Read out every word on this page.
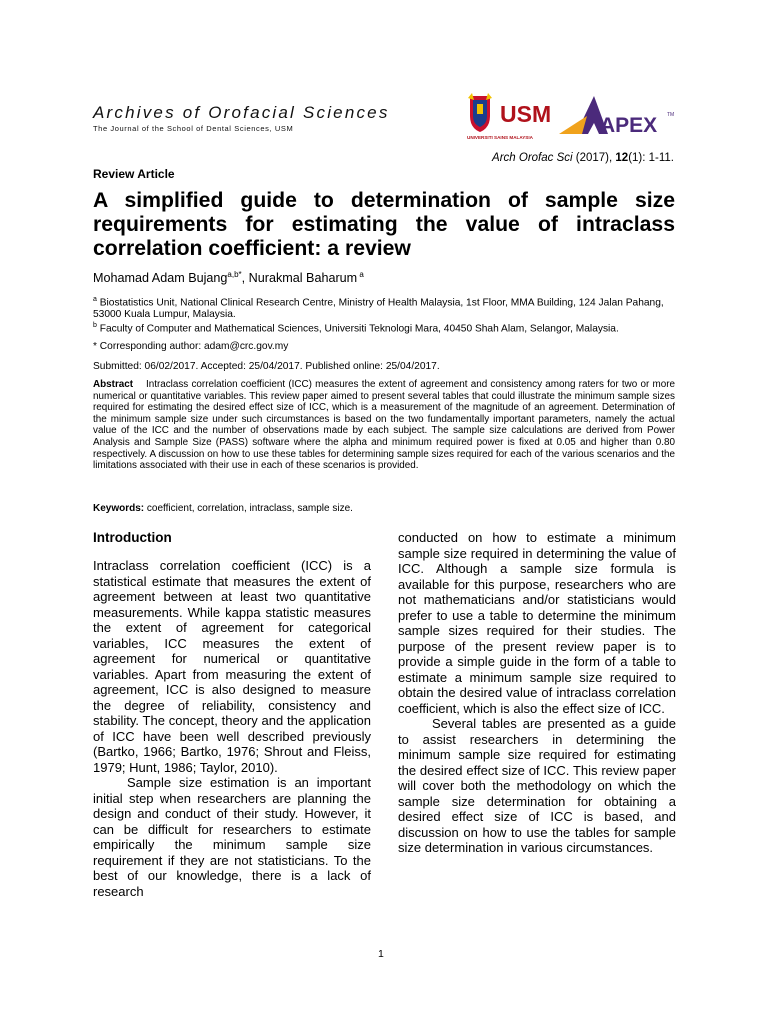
Archives of Orofacial Sciences
The Journal of the School of Dental Sciences, USM
USM
UNIVERSITI SAINS MALAYSIA
APEX TM
Arch Orofac Sci (2017), 12(1): 1-11.
Review Article
A simplified guide to determination of sample size requirements for estimating the value of intraclass correlation coefficient: a review
Mohamad Adam Bujang$^{a,b*}$, Nurakmal Baharum $^a$

$^a$ Biostatistics Unit, National Clinical Research Centre, Ministry of Health Malaysia, 1st Floor, MMA Building, 124 Jalan Pahang, 53000 Kuala Lumpur, Malaysia.

$^b$ Faculty of Computer and Mathematical Sciences, Universiti Teknologi Mara, 40450 Shah Alam, Selangor, Malaysia.

* Corresponding author: adam@crc.gov.my
Submitted: 06/02/2017. Accepted: 25/04/2017. Published online: 25/04/2017.
Abstract Intraclass correlation coefficient (ICC) measures the extent of agreement and consistency among raters for two or more numerical or quantitative variables. This review paper aimed to present several tables that could illustrate the minimum sample sizes required for estimating the desired effect size of ICC, which is a measurement of the magnitude of an agreement. Determination of the minimum sample size under such circumstances is based on the two fundamentally important parameters, namely the actual value of the ICC and the number of observations made by each subject. The sample size calculations are derived from Power Analysis and Sample Size (PASS) software where the alpha and minimum required power is fixed at 0.05 and higher than 0.80 respectively. A discussion on how to use these tables for determining sample sizes required for each of the various scenarios and the limitations associated with their use in each of these scenarios is provided.
Keywords: coefficient, correlation, intraclass, sample size.
Introduction

Intraclass correlation coefficient (ICC) is a statistical estimate that measures the extent of agreement between at least two quantitative measurements. While kappa statistic measures the extent of agreement for categorical variables, ICC measures the extent of agreement for numerical or quantitative variables. Apart from measuring the extent of agreement, ICC is also designed to measure the degree of reliability, consistency and stability. The concept, theory and the application of ICC have been well described previously (Bartko, 1966; Bartko, 1976; Shrout and Fleiss, 1979; Hunt, 1986; Taylor, 2010).

Sample size estimation is an important initial step when researchers are planning the design and conduct of their study. However, it can be difficult for researchers to estimate empirically the minimum sample size requirement if they are not statisticians. To the best of our knowledge, there is a lack of research

conducted on how to estimate a minimum sample size required in determining the value of ICC. Although a sample size formula is available for this purpose, researchers who are not mathematicians and/or statisticians would prefer to use a table to determine the minimum sample sizes required for their studies. The purpose of the present review paper is to provide a simple guide in the form of a table to estimate a minimum sample size required to obtain the desired value of intraclass correlation coefficient, which is also the effect size of ICC.

Several tables are presented as a guide to assist researchers in determining the minimum sample size required for estimating the desired effect size of ICC. This review paper will cover both the methodology on which the sample size determination for obtaining a desired effect size of ICC is based, and discussion on how to use the tables for sample size determination in various circumstances.

1
